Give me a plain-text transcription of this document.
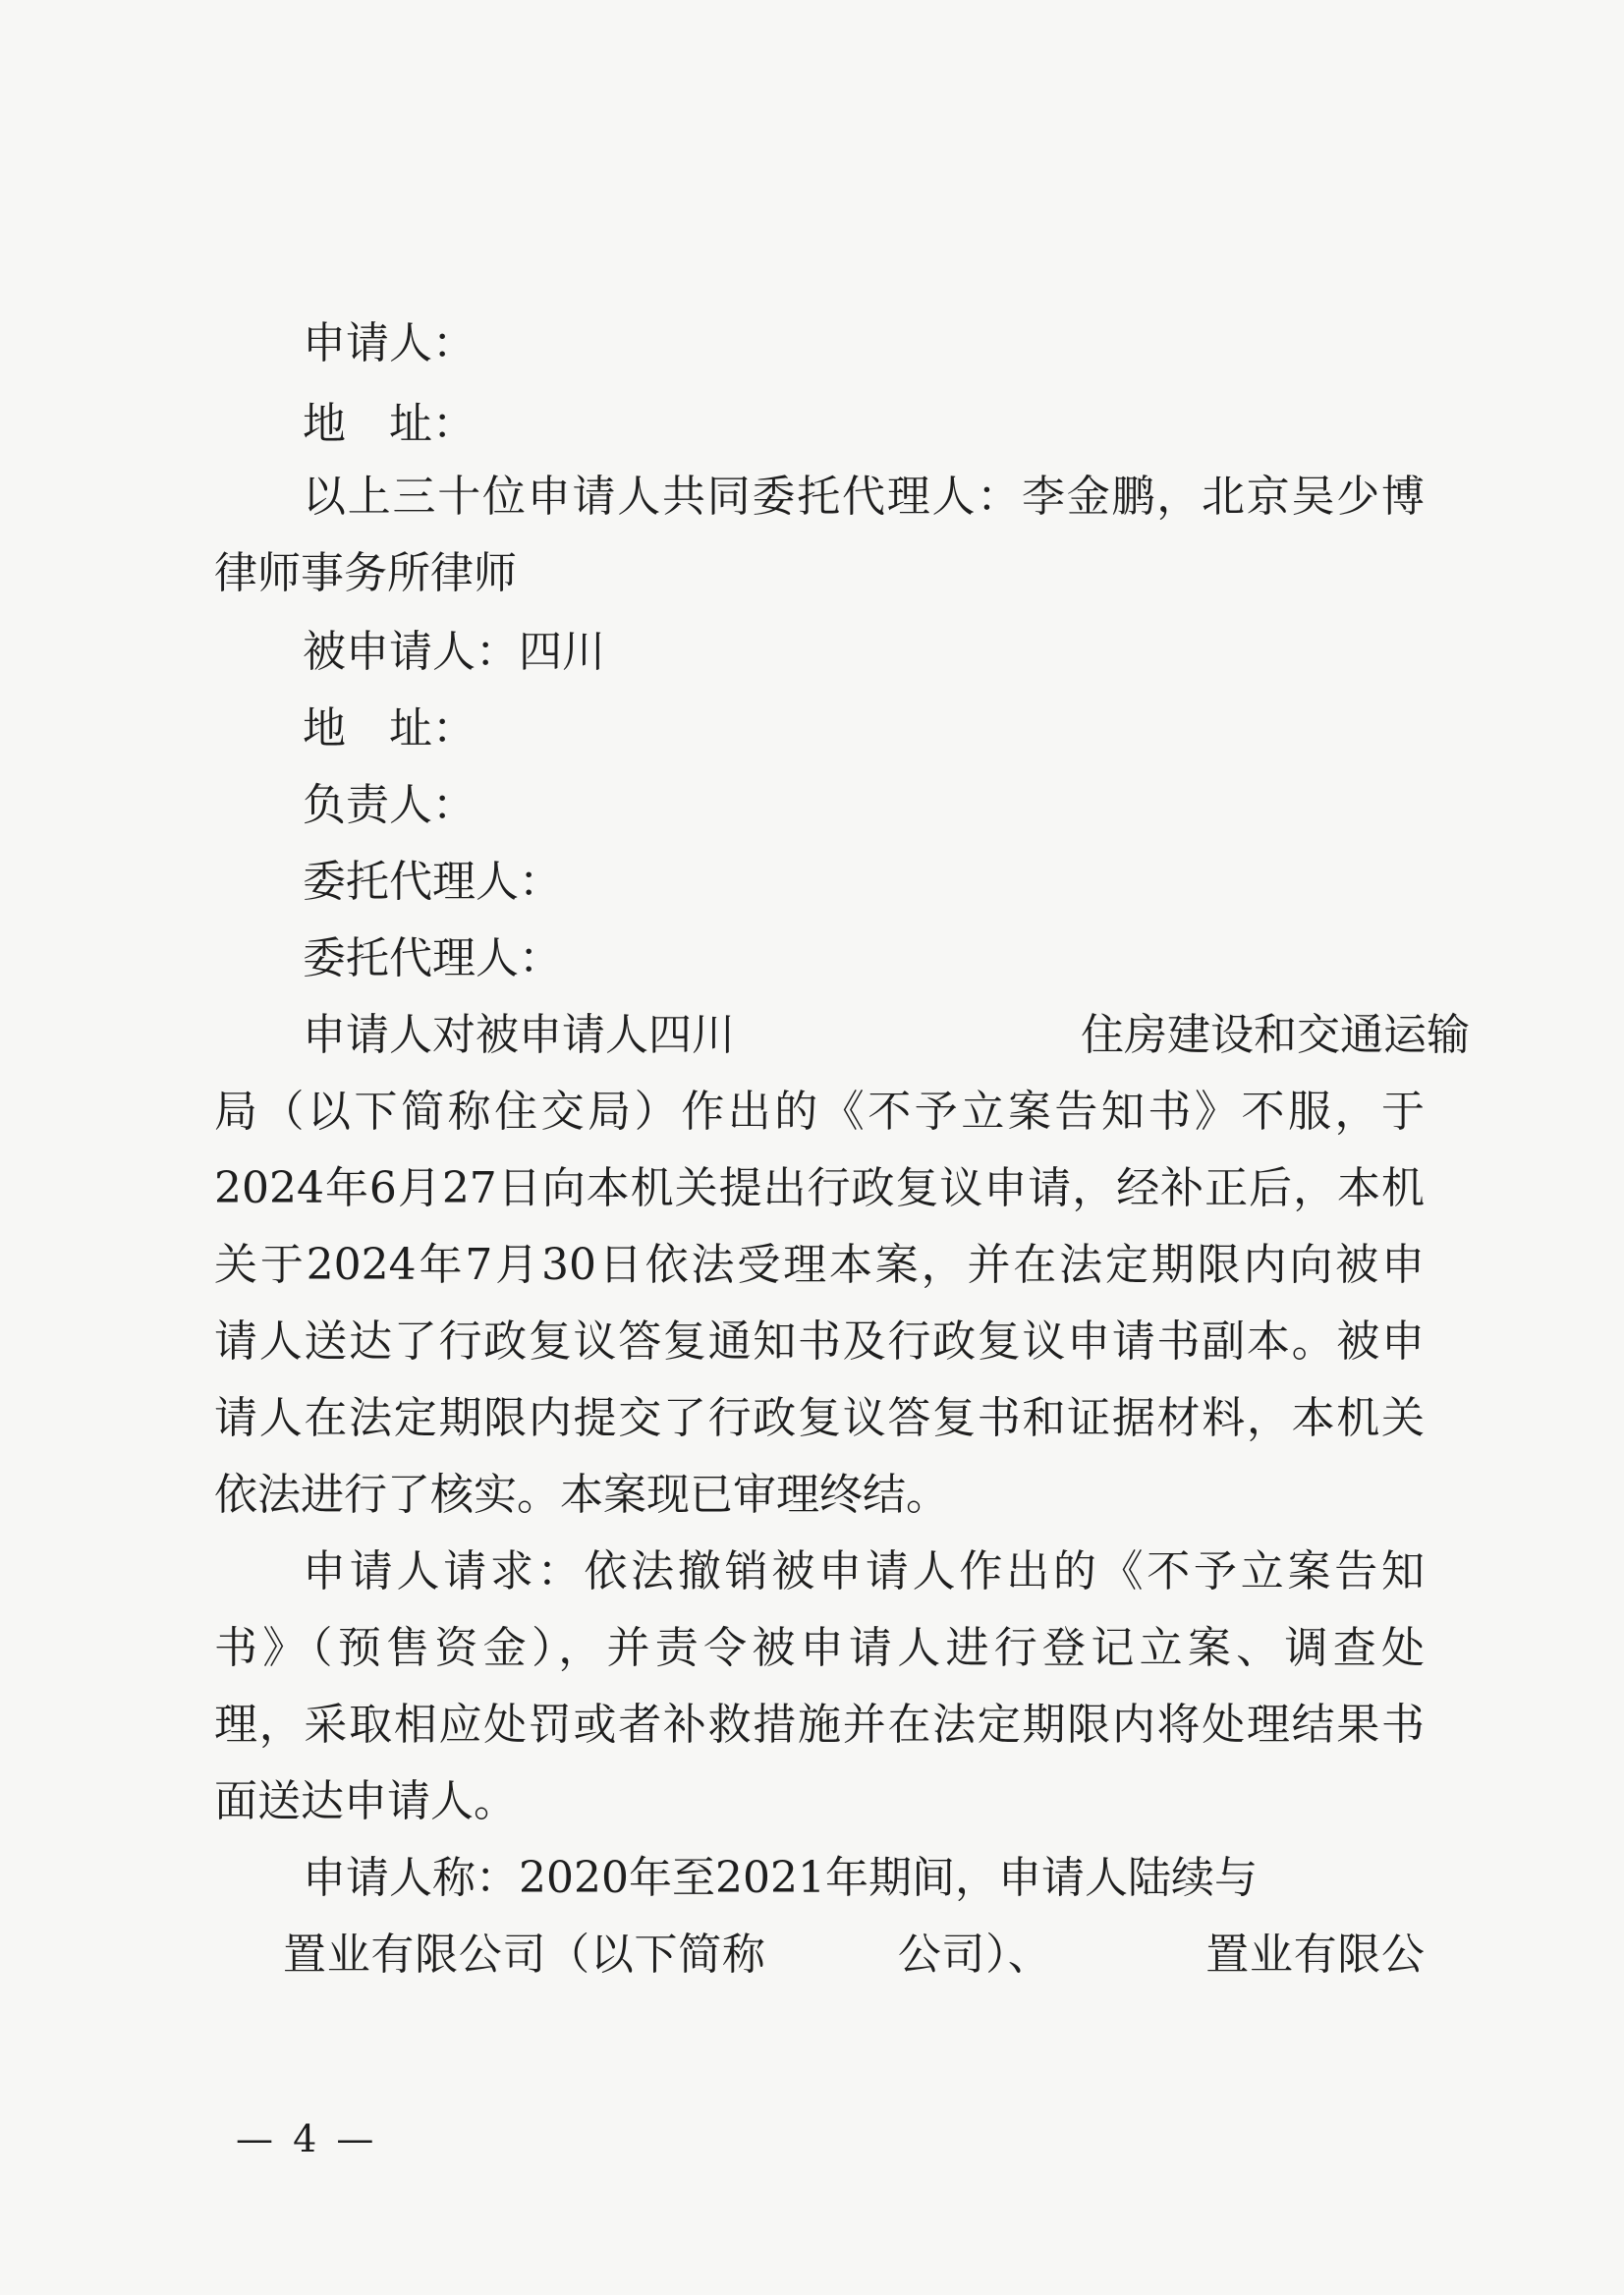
申请人：
地　址：
以上三十位申请人共同委托代理人：李金鹏，北京吴少博
律师事务所律师
被申请人：四川
地　址：
负责人：
委托代理人：
委托代理人：
申请人对被申请人四川　　　　　　　　住房建设和交通运输
局（以下简称住交局）作出的《不予立案告知书》不服，于
2024年6月27日向本机关提出行政复议申请，经补正后，本机
关于2024年7月30日依法受理本案，并在法定期限内向被申
请人送达了行政复议答复通知书及行政复议申请书副本。被申
请人在法定期限内提交了行政复议答复书和证据材料，本机关
依法进行了核实。本案现已审理终结。
申请人请求：依法撤销被申请人作出的《不予立案告知
书》（预售资金），并责令被申请人进行登记立案、调查处
理，采取相应处罚或者补救措施并在法定期限内将处理结果书
面送达申请人。
申请人称：2020年至2021年期间，申请人陆续与
置业有限公司（以下简称　　　公司）、　　　　置业有限公
— 4 —
